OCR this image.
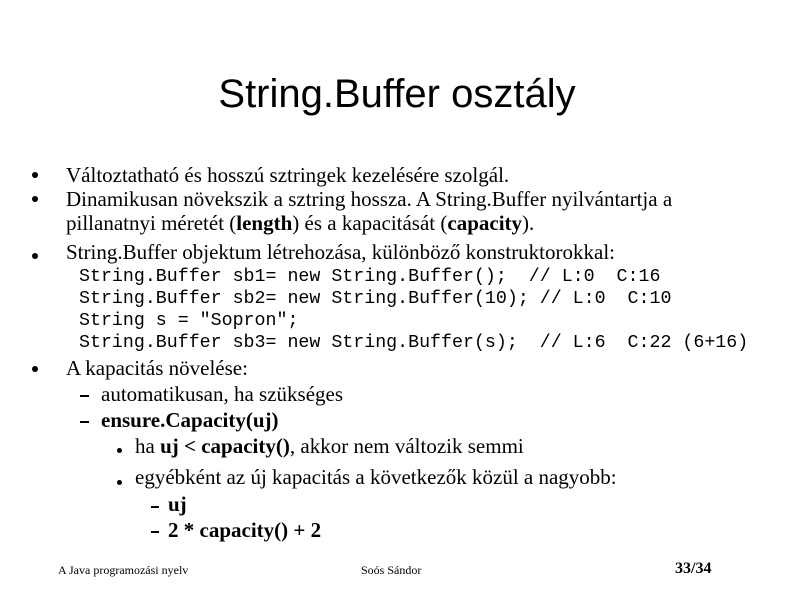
String.Buffer osztály
Változtatható és hosszú sztringek kezelésére szolgál.
Dinamikusan növekszik a sztring hossza. A String.Buffer nyilvántartja a
pillanatnyi méretét (length) és a kapacitását (capacity).
String.Buffer objektum létrehozása, különböző konstruktorokkal:
String.Buffer sb1= new String.Buffer();  // L:0  C:16
String.Buffer sb2= new String.Buffer(10); // L:0  C:10
String s = "Sopron";
String.Buffer sb3= new String.Buffer(s);  // L:6  C:22 (6+16)
A kapacitás növelése:
automatikusan, ha szükséges
ensure.Capacity(uj)
ha uj < capacity(), akkor nem változik semmi
egyébként az új kapacitás a következők közül a nagyobb:
uj
2 * capacity() + 2
A Java programozási nyelv	Soós Sándor	33/34
